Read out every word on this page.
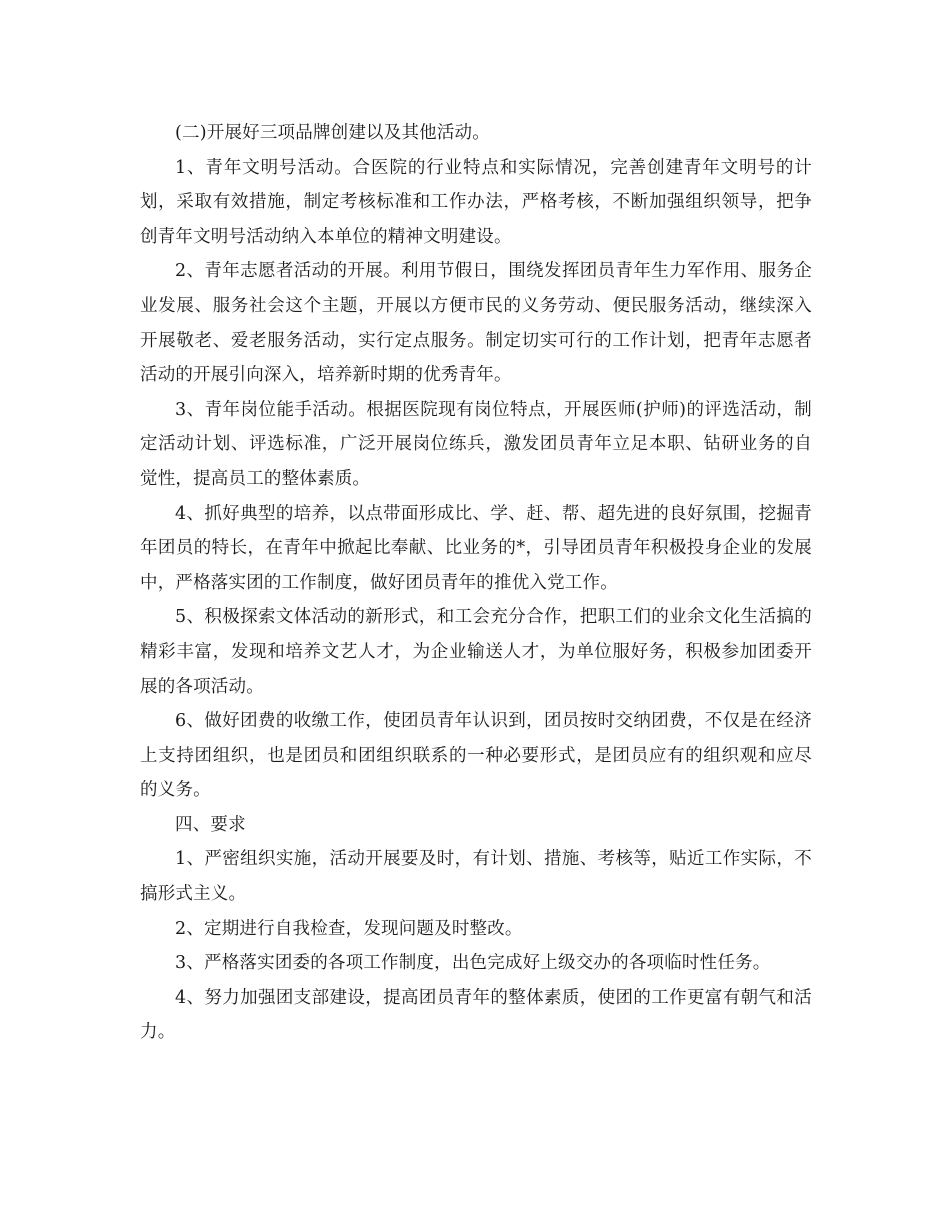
(二)开展好三项品牌创建以及其他活动。

1、青年文明号活动。合医院的行业特点和实际情况，完善创建青年文明号的计划，采取有效措施，制定考核标准和工作办法，严格考核，不断加强组织领导，把争创青年文明号活动纳入本单位的精神文明建设。

2、青年志愿者活动的开展。利用节假日，围绕发挥团员青年生力军作用、服务企业发展、服务社会这个主题，开展以方便市民的义务劳动、便民服务活动，继续深入开展敬老、爱老服务活动，实行定点服务。制定切实可行的工作计划，把青年志愿者活动的开展引向深入，培养新时期的优秀青年。

3、青年岗位能手活动。根据医院现有岗位特点，开展医师(护师)的评选活动，制定活动计划、评选标准，广泛开展岗位练兵，激发团员青年立足本职、钻研业务的自觉性，提高员工的整体素质。

4、抓好典型的培养，以点带面形成比、学、赶、帮、超先进的良好氛围，挖掘青年团员的特长，在青年中掀起比奉献、比业务的*，引导团员青年积极投身企业的发展中，严格落实团的工作制度，做好团员青年的推优入党工作。

5、积极探索文体活动的新形式，和工会充分合作，把职工们的业余文化生活搞的精彩丰富，发现和培养文艺人才，为企业输送人才，为单位服好务，积极参加团委开展的各项活动。

6、做好团费的收缴工作，使团员青年认识到，团员按时交纳团费，不仅是在经济上支持团组织，也是团员和团组织联系的一种必要形式，是团员应有的组织观和应尽的义务。

四、要求

1、严密组织实施，活动开展要及时，有计划、措施、考核等，贴近工作实际，不搞形式主义。

2、定期进行自我检查，发现问题及时整改。

3、严格落实团委的各项工作制度，出色完成好上级交办的各项临时性任务。

4、努力加强团支部建设，提高团员青年的整体素质，使团的工作更富有朝气和活力。
